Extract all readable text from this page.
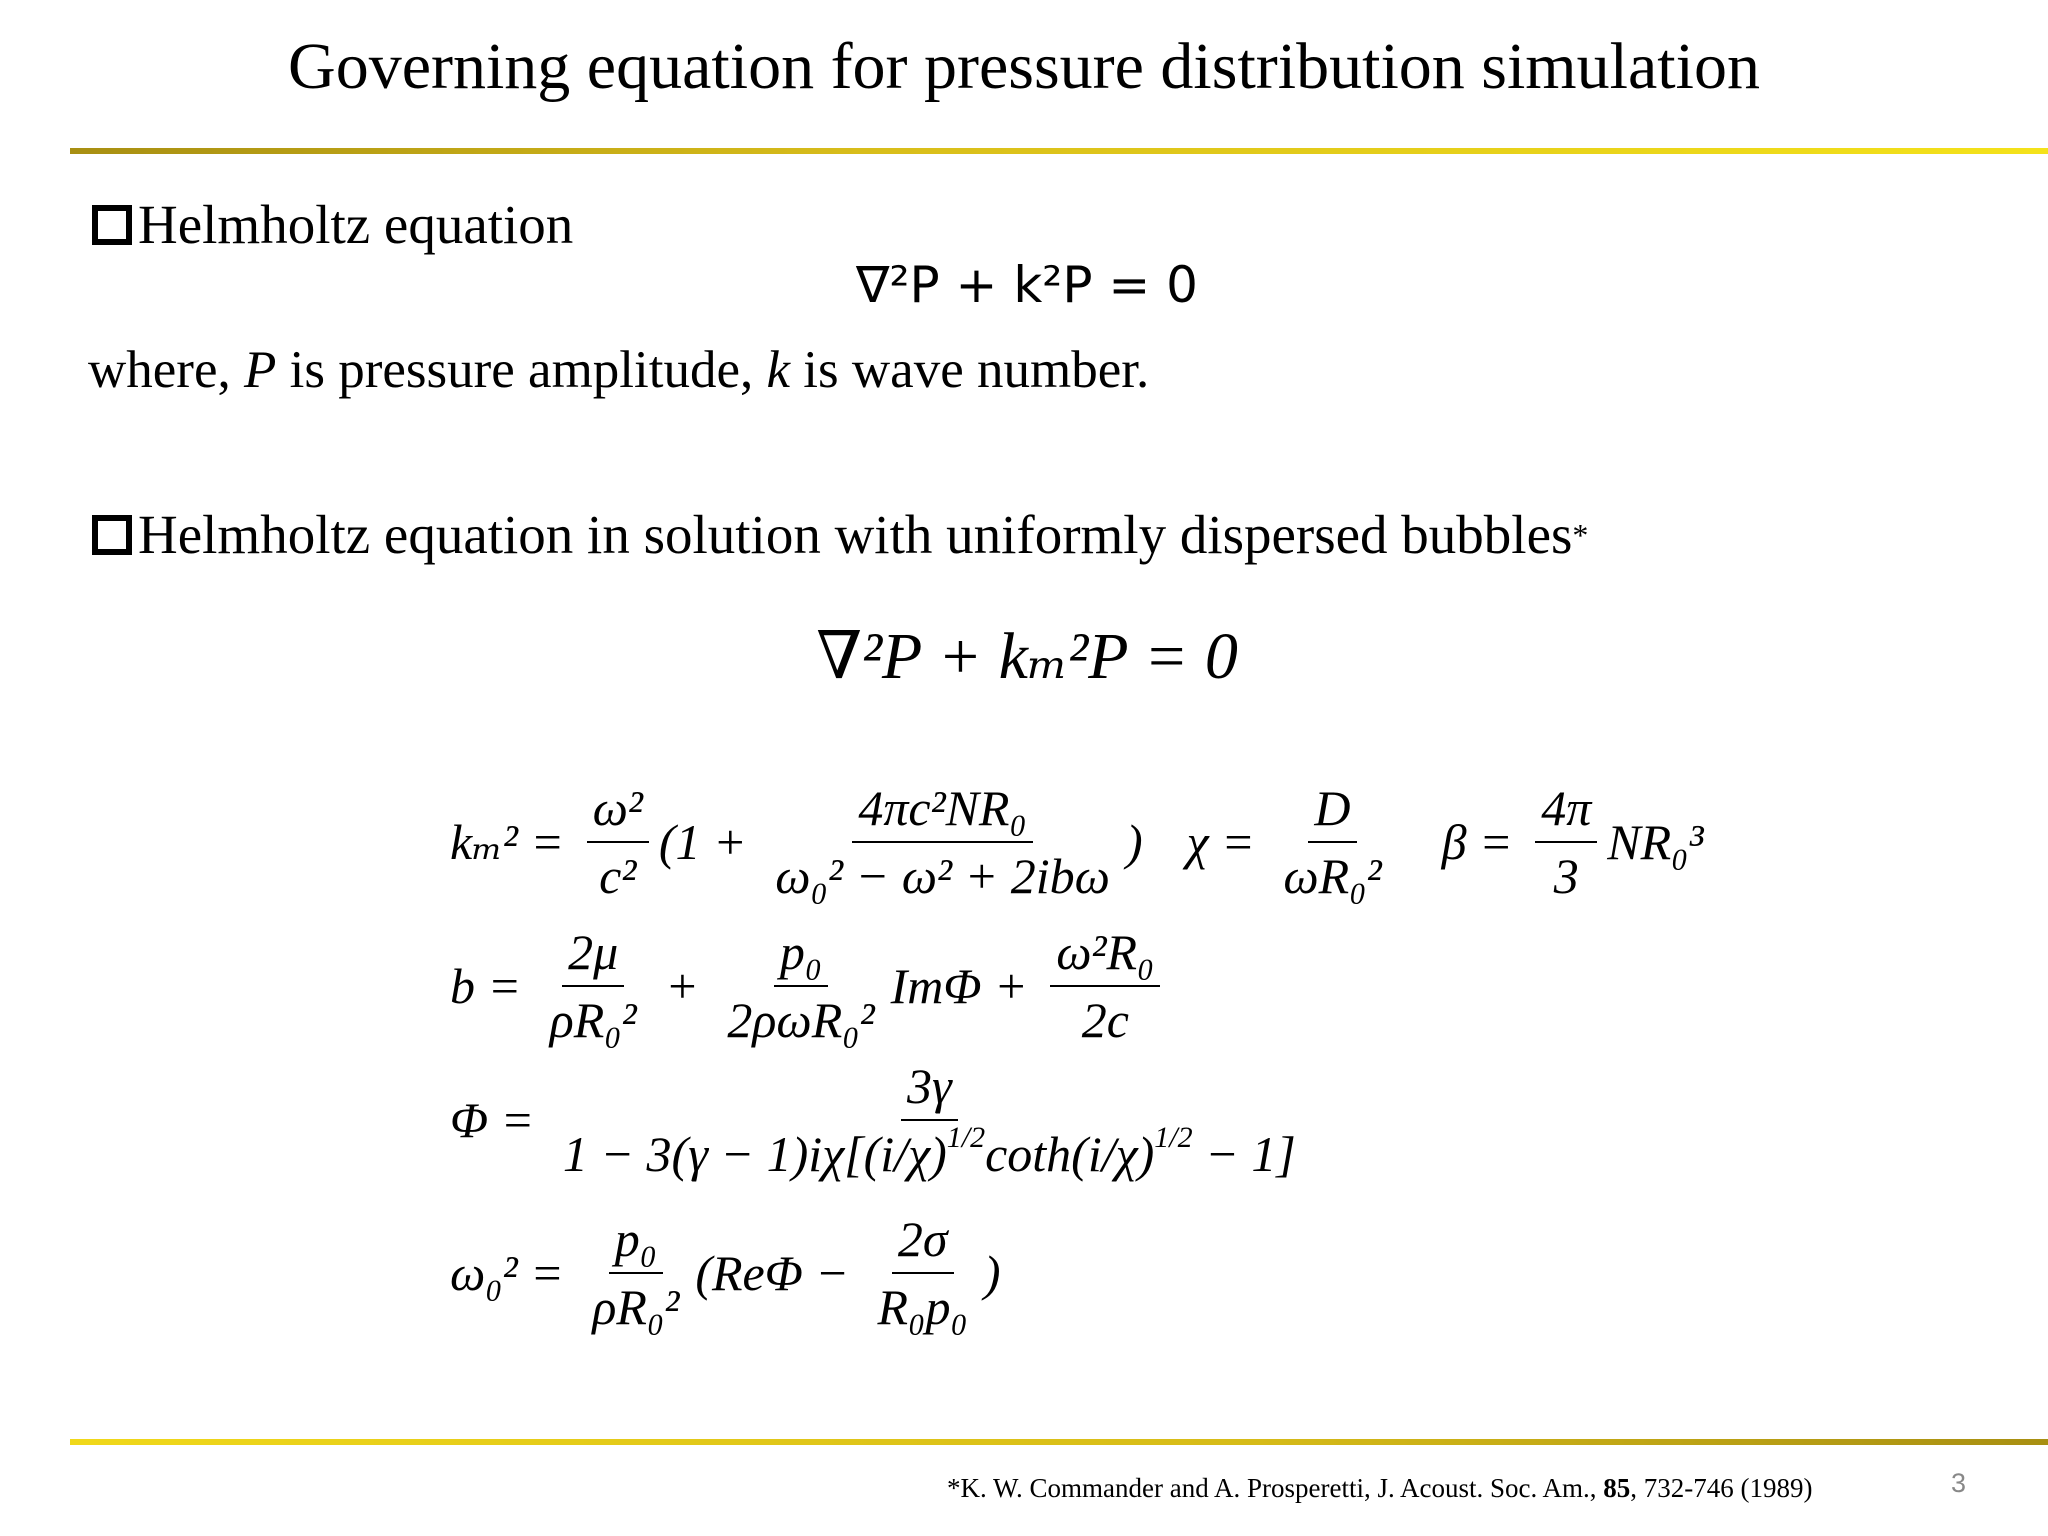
Governing equation for pressure distribution simulation
Helmholtz equation
∇²P + k²P = 0
where, P is pressure amplitude, k is wave number.
Helmholtz equation in solution with uniformly dispersed bubbles *
∇²P + kₘ²P = 0
$k_m^2 = \frac{\text{ω²}}{\text{c²}} (1 + \frac{\text{4πc²NR₀}}{\text{ω₀² − ω² + 2ibω}}$ ) $\chi = \frac{D}{\text{ωR₀²}}$ $\beta = \frac{4\pi}{3} NR_0^3$
$b = \frac{2\mu}{\text{ρR₀²}} + \frac{\text{p₀}}{\text{2ρωR₀²}}$ $Im\Phi + \frac{\text{ω²R₀}}{2c}$
$\Phi = \frac{3\gamma}{1 - 3(\gamma - 1)i\chi[(i/\chi)^{1/2}\cot h(i/\chi)^{1/2} - 1]}$
$\omega_0^2 = \frac{\text{p₀}}{\text{ρR₀²}} (Re\Phi - \frac{2\sigma}{\text{R₀p₀}}$ )
*K. W. Commander and A. Prosperetti, J. Acoust. Soc. Am., 85, 732-746 (1989)	3
